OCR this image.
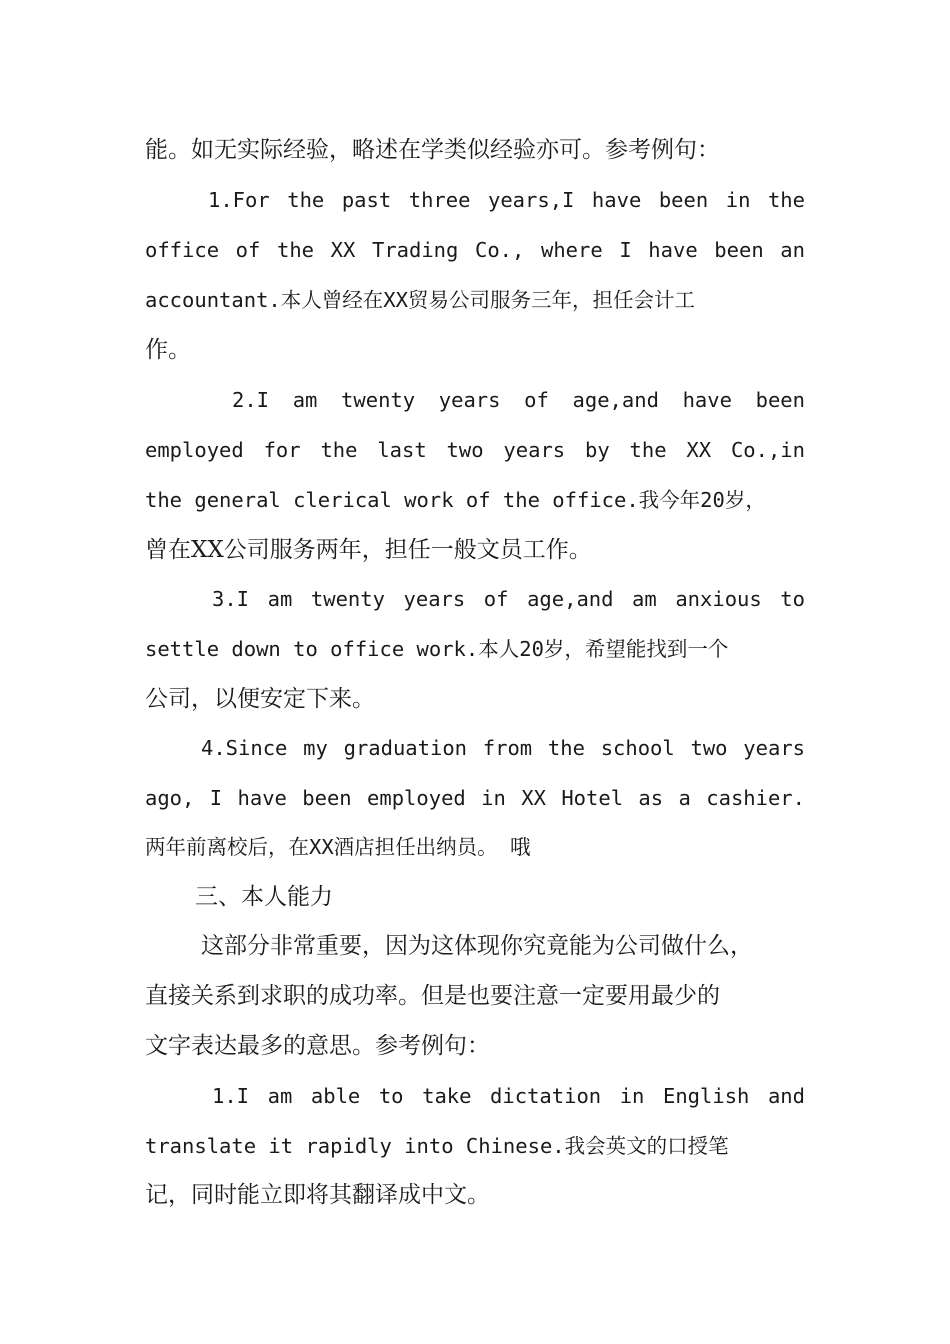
能。如无实际经验，略述在学类似经验亦可。参考例句：
1.For the past three years,I have been in the
office of the XX Trading Co., where I have been an
accountant.本人曾经在XX贸易公司服务三年，担任会计工
作。
2.I am twenty years of age,and have been
employed for the last two years by the XX Co.,in
the general clerical work of the office.我今年20岁，
曾在XX公司服务两年，担任一般文员工作。
3.I am twenty years of age,and am anxious to
settle down to office work.本人20岁，希望能找到一个
公司，以便安定下来。
4.Since my graduation from the school two years
ago, I have been employed in XX Hotel as a cashier.
两年前离校后，在XX酒店担任出纳员。 哦
三、本人能力
这部分非常重要，因为这体现你究竟能为公司做什么，
直接关系到求职的成功率。但是也要注意一定要用最少的
文字表达最多的意思。参考例句：
1.I am able to take dictation in English and
translate it rapidly into Chinese.我会英文的口授笔
记，同时能立即将其翻译成中文。
